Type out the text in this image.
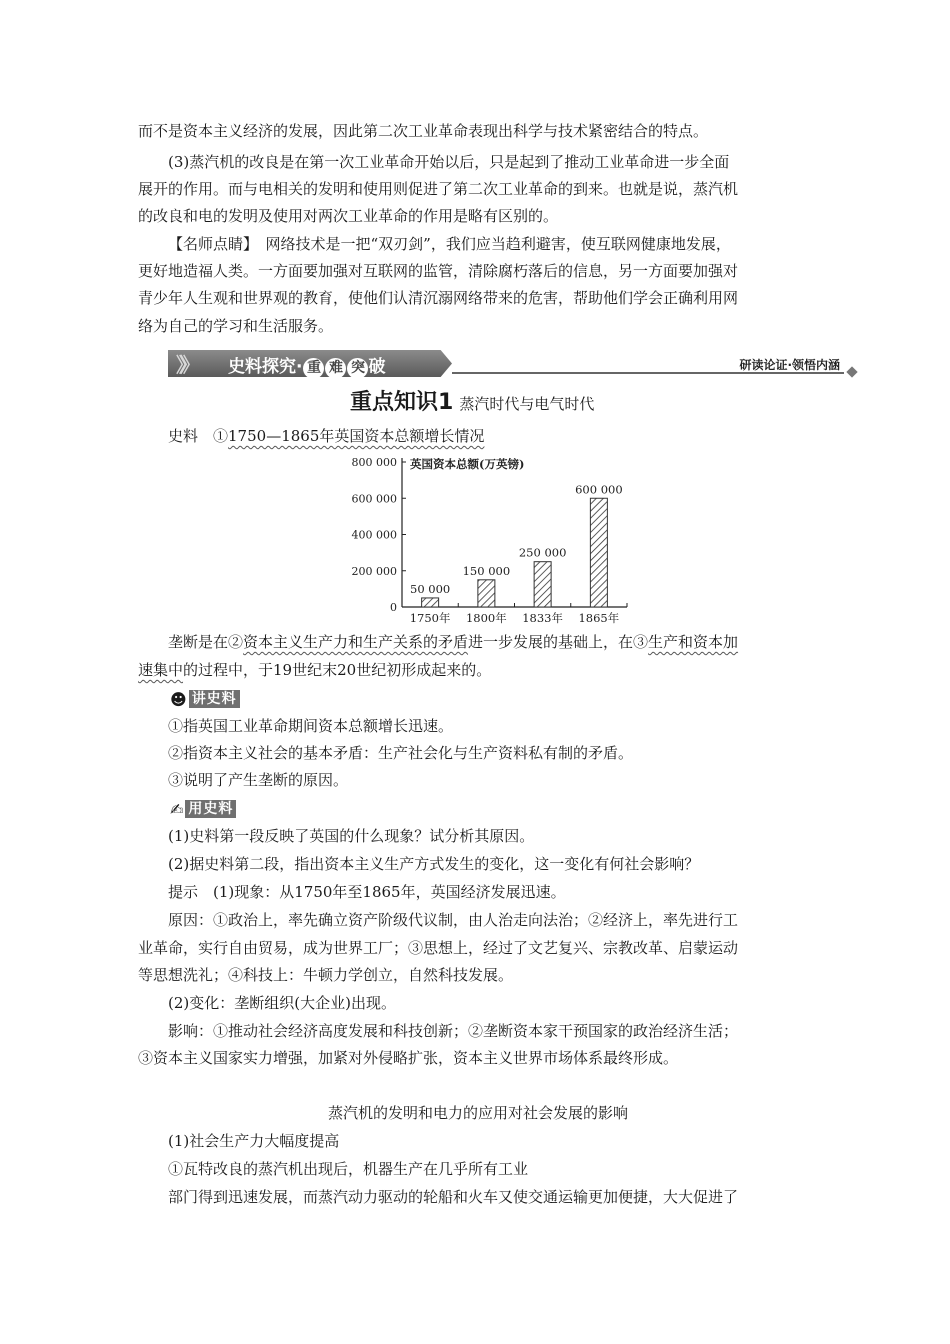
而不是资本主义经济的发展，因此第二次工业革命表现出科学与技术紧密结合的特点。
(3)蒸汽机的改良是在第一次工业革命开始以后，只是起到了推动工业革命进一步全面
展开的作用。而与电相关的发明和使用则促进了第二次工业革命的到来。也就是说，蒸汽机
的改良和电的发明及使用对两次工业革命的作用是略有区别的。
【名师点睛】　网络技术是一把“双刃剑”，我们应当趋利避害，使互联网健康地发展，
更好地造福人类。一方面要加强对互联网的监管，清除腐朽落后的信息，另一方面要加强对
青少年人生观和世界观的教育，使他们认清沉溺网络带来的危害，帮助他们学会正确利用网
络为自己的学习和生活服务。
》》 史料探究· 重 难 突 破	研读论证·领悟内涵
重点知识1 蒸汽时代与电气时代
史料　①1750—1865年英国资本总额增长情况
0
200 000
400 000
600 000
800 000 英国资本总额(万英镑)
50 000
1750年
150 000
1800年
250 000
1833年
600 000
1865年
垄断是在②资本主义生产力和生产关系的矛盾进一步发展的基础上，在③生产和资本加
速集中的过程中，于19世纪末20世纪初形成起来的。
☻ 讲史料
①指英国工业革命期间资本总额增长迅速。
②指资本主义社会的基本矛盾：生产社会化与生产资料私有制的矛盾。
③说明了产生垄断的原因。
✍ 用史料
(1)史料第一段反映了英国的什么现象？试分析其原因。
(2)据史料第二段，指出资本主义生产方式发生的变化，这一变化有何社会影响？
提示　(1)现象：从1750年至1865年，英国经济发展迅速。
原因：①政治上，率先确立资产阶级代议制，由人治走向法治；②经济上，率先进行工
业革命，实行自由贸易，成为世界工厂；③思想上，经过了文艺复兴、宗教改革、启蒙运动
等思想洗礼；④科技上：牛顿力学创立，自然科技发展。
(2)变化：垄断组织(大企业)出现。
影响：①推动社会经济高度发展和科技创新；②垄断资本家干预国家的政治经济生活；
③资本主义国家实力增强，加紧对外侵略扩张，资本主义世界市场体系最终形成。
蒸汽机的发明和电力的应用对社会发展的影响
(1)社会生产力大幅度提高
①瓦特改良的蒸汽机出现后，机器生产在几乎所有工业
部门得到迅速发展，而蒸汽动力驱动的轮船和火车又使交通运输更加便捷，大大促进了
